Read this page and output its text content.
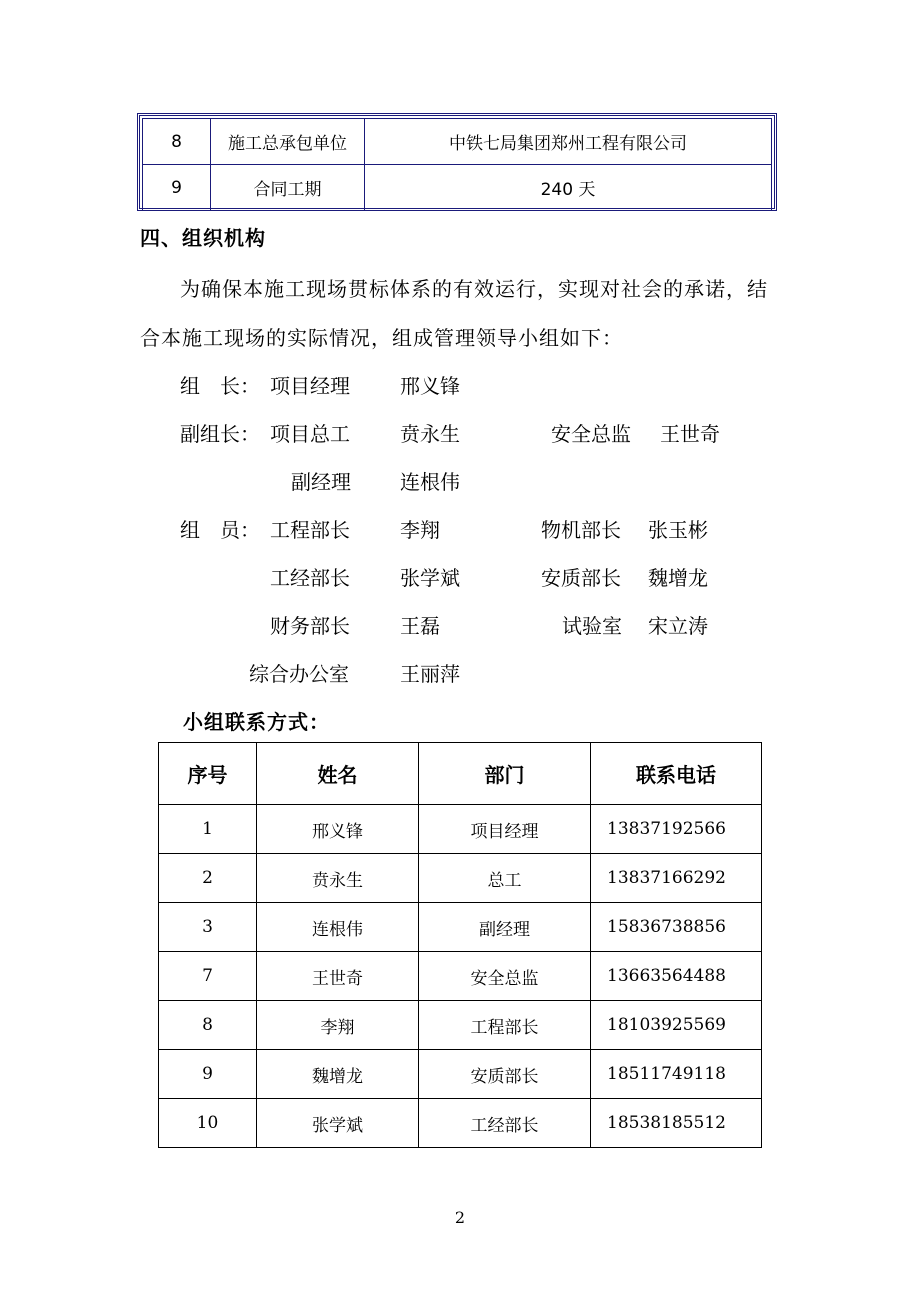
8	施工总承包单位	中铁七局集团郑州工程有限公司
9	合同工期	240 天
四、组织机构
为确保本施工现场贯标体系的有效运行，实现对社会的承诺，结
合本施工现场的实际情况，组成管理领导小组如下：
组　长： 项目经理	邢义锋
副组长： 项目总工	贲永生	安全总监 王世奇
副经理 连根伟
组　员： 工程部长	李翔	物机部长 张玉彬
工经部长	张学斌	安质部长 魏增龙
财务部长	王磊	试验室 宋立涛
综合办公室	王丽萍
小组联系方式：
序号	姓名	部门	联系电话
1	邢义锋	项目经理	13837192566
2	贲永生	总工	13837166292
3	连根伟	副经理	15836738856
7	王世奇	安全总监	13663564488
8	李翔	工程部长	18103925569
9	魏增龙	安质部长	18511749118
10	张学斌	工经部长	18538185512
2
